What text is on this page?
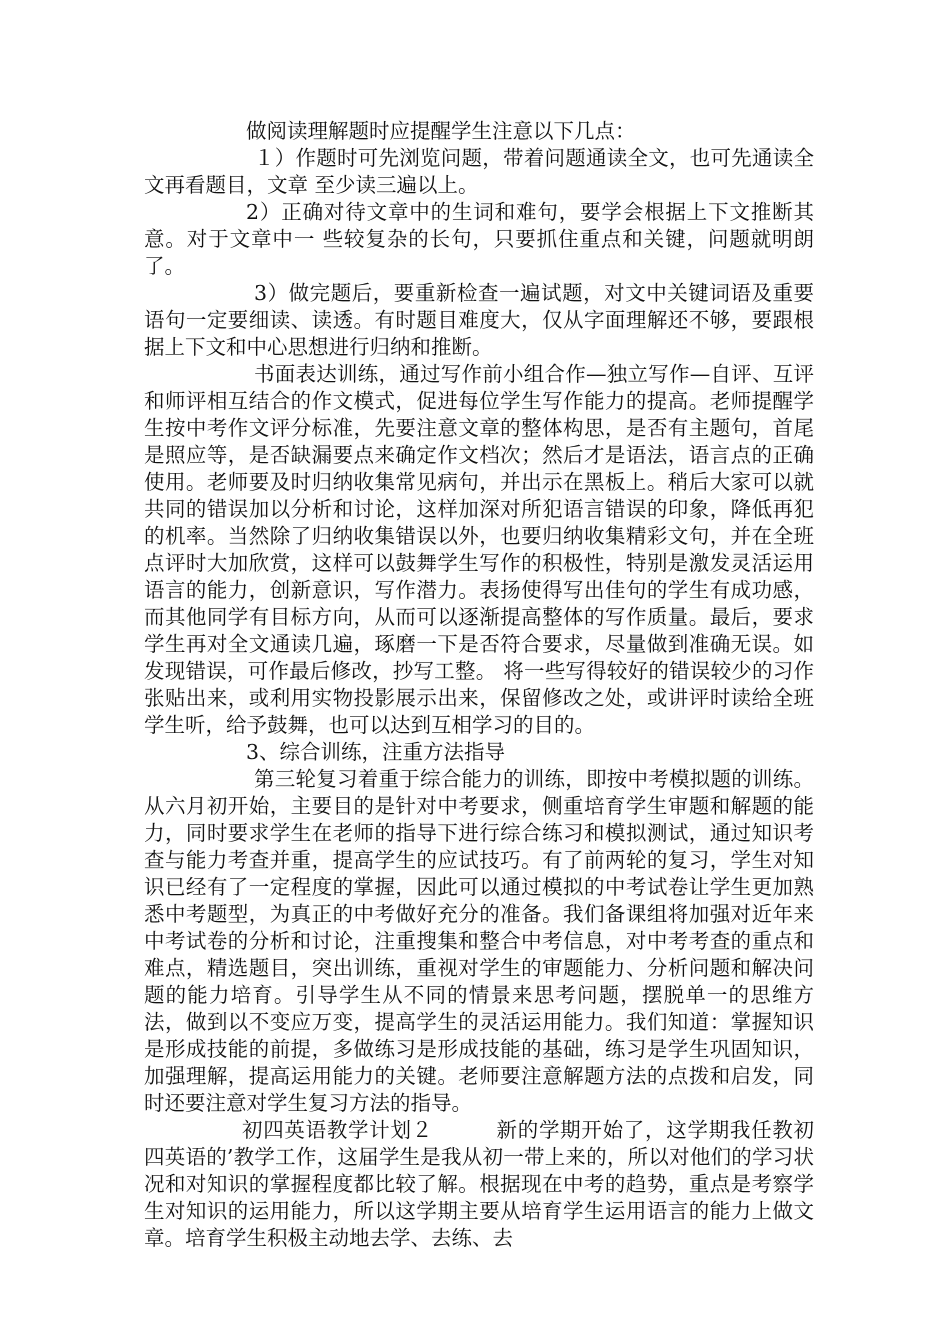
做阅读理解题时应提醒学生注意以下几点：

１）作题时可先浏览问题，带着问题通读全文，也可先通读全文再看题目，文章 至少读三遍以上。

2）正确对待文章中的生词和难句，要学会根据上下文推断其意。对于文章中一 些较复杂的长句，只要抓住重点和关键，问题就明朗了。

3）做完题后，要重新检查一遍试题，对文中关键词语及重要语句一定要细读、读透。有时题目难度大，仅从字面理解还不够，要跟根据上下文和中心思想进行归纳和推断。

书面表达训练，通过写作前小组合作—独立写作—自评、互评和师评相互结合的作文模式，促进每位学生写作能力的提高。老师提醒学生按中考作文评分标准，先要注意文章的整体构思，是否有主题句，首尾是照应等，是否缺漏要点来确定作文档次；然后才是语法，语言点的正确使用。老师要及时归纳收集常见病句，并出示在黑板上。稍后大家可以就共同的错误加以分析和讨论，这样加深对所犯语言错误的印象，降低再犯的机率。当然除了归纳收集错误以外，也要归纳收集精彩文句，并在全班点评时大加欣赏，这样可以鼓舞学生写作的积极性，特别是激发灵活运用语言的能力，创新意识，写作潜力。表扬使得写出佳句的学生有成功感，而其他同学有目标方向，从而可以逐渐提高整体的写作质量。最后，要求学生再对全文通读几遍，琢磨一下是否符合要求，尽量做到准确无误。如发现错误，可作最后修改，抄写工整。 将一些写得较好的错误较少的习作张贴出来，或利用实物投影展示出来，保留修改之处，或讲评时读给全班学生听，给予鼓舞，也可以达到互相学习的目的。

3、综合训练，注重方法指导

第三轮复习着重于综合能力的训练，即按中考模拟题的训练。从六月初开始，主要目的是针对中考要求，侧重培育学生审题和解题的能力，同时要求学生在老师的指导下进行综合练习和模拟测试，通过知识考查与能力考查并重，提高学生的应试技巧。有了前两轮的复习，学生对知识已经有了一定程度的掌握，因此可以通过模拟的中考试卷让学生更加熟悉中考题型，为真正的中考做好充分的准备。我们备课组将加强对近年来中考试卷的分析和讨论，注重搜集和整合中考信息，对中考考查的重点和难点，精选题目，突出训练，重视对学生的审题能力、分析问题和解决问题的能力培育。引导学生从不同的情景来思考问题，摆脱单一的思维方法，做到以不变应万变，提高学生的灵活运用能力。我们知道：掌握知识是形成技能的前提，多做练习是形成技能的基础，练习是学生巩固知识，加强理解，提高运用能力的关键。老师要注意解题方法的点拨和启发，同时还要注意对学生复习方法的指导。

初四英语教学计划２　　　新的学期开始了，这学期我任教初四英语的’教学工作，这届学生是我从初一带上来的，所以对他们的学习状况和对知识的掌握程度都比较了解。根据现在中考的趋势，重点是考察学生对知识的运用能力，所以这学期主要从培育学生运用语言的能力上做文章。培育学生积极主动地去学、去练、去
